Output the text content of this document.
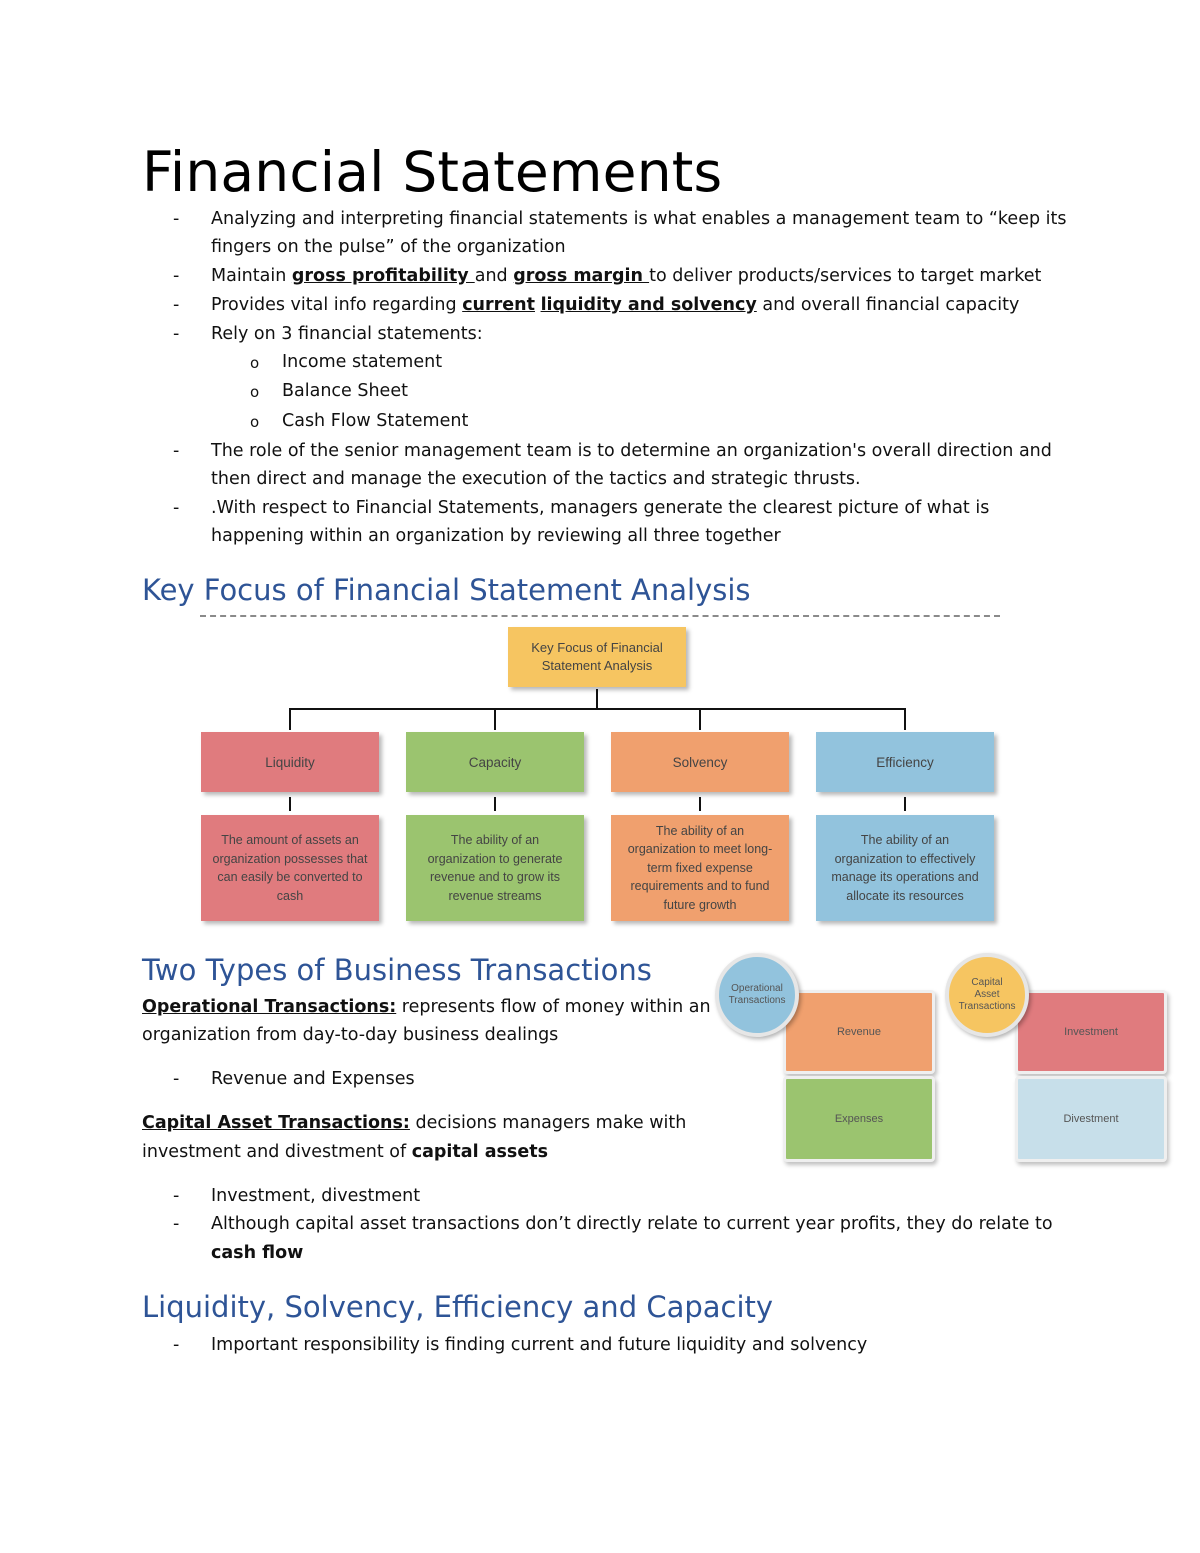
Financial Statements
- Analyzing and interpreting financial statements is what enables a management team to “keep its
fingers on the pulse” of the organization
- Maintain gross profitability and gross margin to deliver products/services to target market
- Provides vital info regarding current liquidity and solvency and overall financial capacity
- Rely on 3 financial statements:
o Income statement
o Balance Sheet
o Cash Flow Statement
- The role of the senior management team is to determine an organization's overall direction and
then direct and manage the execution of the tactics and strategic thrusts.
- .With respect to Financial Statements, managers generate the clearest picture of what is
happening within an organization by reviewing all three together
Key Focus of Financial Statement Analysis
Key Focus of Financial Statement Analysis
Liquidity	Capacity	Solvency	Efficiency
The amount of assets an organization possesses that can easily be converted to cash
The ability of an organization to generate revenue and to grow its revenue streams
The ability of an organization to meet long-term fixed expense requirements and to fund future growth
The ability of an organization to effectively manage its operations and allocate its resources
Two Types of Business Transactions
Operational Transactions: represents flow of money within an
organization from day-to-day business dealings
- Revenue and Expenses
Capital Asset Transactions: decisions managers make with
investment and divestment of capital assets
- Investment, divestment
- Although capital asset transactions don’t directly relate to current year profits, they do relate to
cash flow
Revenue
Expenses
Operational Transactions
Investment
Divestment
Capital Asset Transactions
Liquidity, Solvency, Efficiency and Capacity
- Important responsibility is finding current and future liquidity and solvency
